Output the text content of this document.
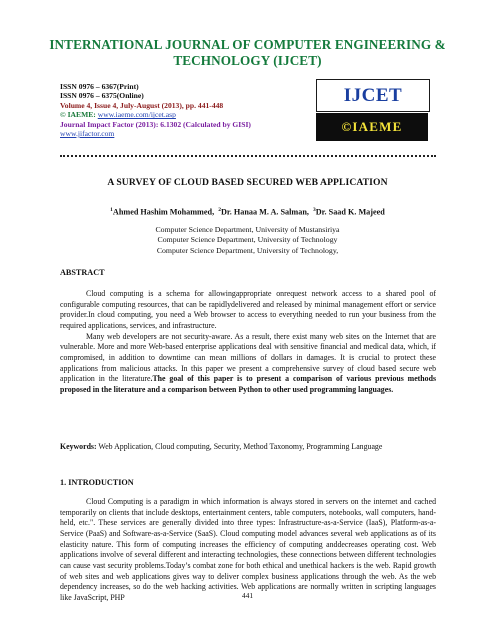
INTERNATIONAL JOURNAL OF COMPUTER ENGINEERING &
TECHNOLOGY (IJCET)
ISSN 0976 – 6367(Print)
ISSN 0976 – 6375(Online)
Volume 4, Issue 4, July-August (2013), pp. 441-448
© IAEME: www.iaeme.com/ijcet.asp
Journal Impact Factor (2013): 6.1302 (Calculated by GISI)
www.jifactor.com
IJCET
©IAEME
A SURVEY OF CLOUD BASED SECURED WEB APPLICATION
$^1$Ahmed Hashim Mohammed, $^2$Dr. Hanaa M. A. Salman, $^3$Dr. Saad K. Majeed
Computer Science Department, University of Mustansiriya
Computer Science Department, University of Technology
Computer Science Department, University of Technology,
ABSTRACT

Cloud computing is a schema for allowingappropriate onrequest network access to a shared pool of configurable computing resources, that can be rapidlydelivered and released by minimal management effort or service provider.In cloud computing, you need a Web browser to access to everything needed to run your business from the required applications, services, and infrastructure.

Many web developers are not security-aware. As a result, there exist many web sites on the Internet that are vulnerable. More and more Web-based enterprise applications deal with sensitive financial and medical data, which, if compromised, in addition to downtime can mean millions of dollars in damages. It is crucial to protect these applications from malicious attacks. In this paper we present a comprehensive survey of cloud based secure web application in the literature.The goal of this paper is to present a comparison of various previous methods proposed in the literature and a comparison between Python to other used programming languages.

Keywords: Web Application, Cloud computing, Security, Method Taxonomy, Programming Language
1. INTRODUCTION

Cloud Computing is a paradigm in which information is always stored in servers on the internet and cached temporarily on clients that include desktops, entertainment centers, table computers, notebooks, wall computers, hand-held, etc.". These services are generally divided into three types: Infrastructure-as-a-Service (IaaS), Platform-as-a-Service (PaaS) and Software-as-a-Service (SaaS). Cloud computing model advances several web applications as of its elasticity nature. This form of computing increases the efficiency of computing anddecreases operating cost. Web applications involve of several different and interacting technologies, these connections between different technologies can cause vast security problems.Today’s combat zone for both ethical and unethical hackers is the web. Rapid growth of web sites and web applications gives way to deliver complex business applications through the web. As the web dependency increases, so do the web hacking activities. Web applications are normally written in scripting languages like JavaScript, PHP	441
